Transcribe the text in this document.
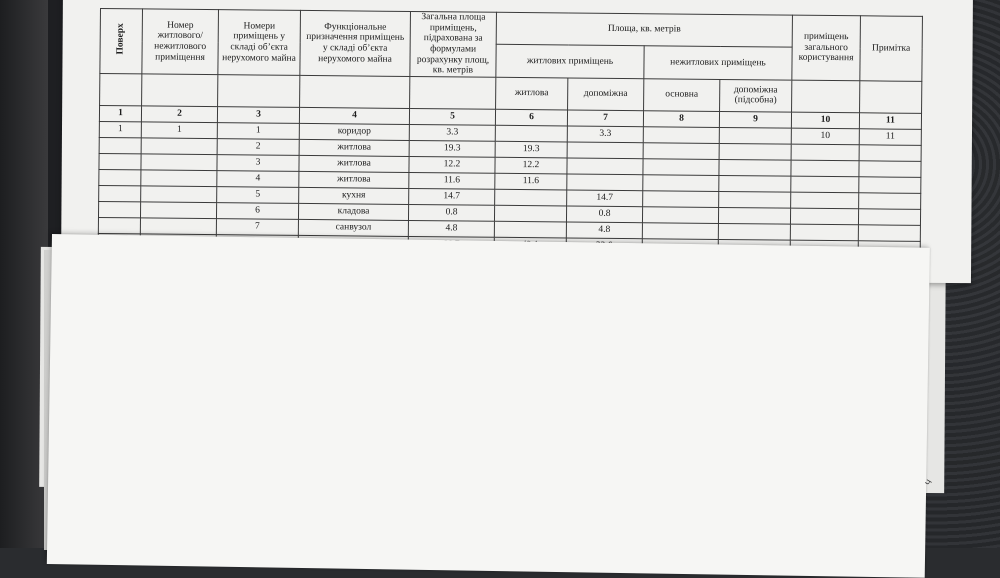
Поверх	Номер житлового/ нежитлового приміщення	Номери приміщень у складі об’єкта нерухомого майна	Функціональне призначення приміщень у складі об’єкта нерухомого майна	Загальна площа приміщень, підрахована за формулами розрахунку площ, кв. метрів	Площа, кв. метрів				приміщень загального користування	Примітка
					житлових приміщень		нежитлових приміщень			
					житлова	допоміжна	основна	допоміжна (підсобна)		
1	2	3	4	5	6	7	8	9	10	11
1	1	1	коридор	3.3		3.3			10	11
		2	житлова	19.3	19.3					
		3	житлова	12.2	12.2					
		4	житлова	11.6	11.6					
		5	кухня	14.7		14.7				
		6	кладова	0.8		0.8				
		7	санвузол	4.8		4.8				

Ч
